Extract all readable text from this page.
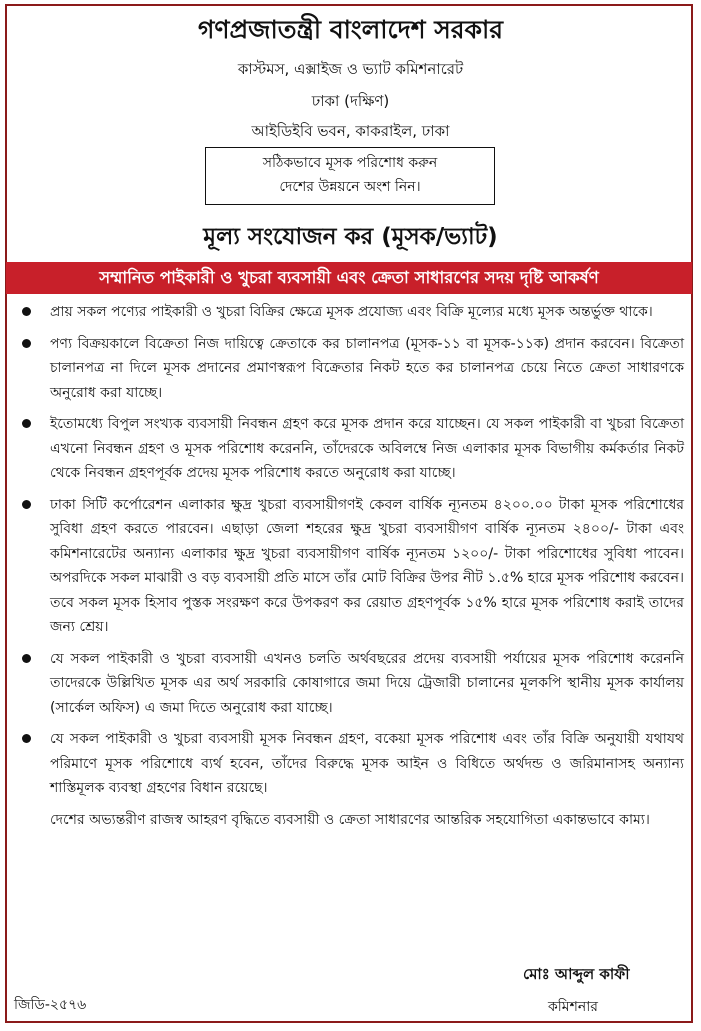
গণপ্রজাতন্ত্রী বাংলাদেশ সরকার
কাস্টমস, এক্সাইজ ও ভ্যাট কমিশনারেট
ঢাকা (দক্ষিণ)
আইডিইবি ভবন, কাকরাইল, ঢাকা
সঠিকভাবে মূসক পরিশোধ করুন
দেশের উন্নয়নে অংশ নিন।
মূল্য সংযোজন কর (মূসক/ভ্যাট)
সম্মানিত পাইকারী ও খুচরা ব্যবসায়ী এবং ক্রেতা সাধারণের সদয় দৃষ্টি আকর্ষণ
প্রায় সকল পণ্যের পাইকারী ও খুচরা বিক্রির ক্ষেত্রে মূসক প্রযোজ্য এবং বিক্রি মূল্যের মধ্যে মূসক অন্তর্ভুক্ত থাকে।
পণ্য বিক্রয়কালে বিক্রেতা নিজ দায়িত্বে ক্রেতাকে কর চালানপত্র (মূসক-১১ বা মূসক-১১ক) প্রদান করবেন। বিক্রেতা চালানপত্র না দিলে মূসক প্রদানের প্রমাণস্বরূপ বিক্রেতার নিকট হতে কর চালানপত্র চেয়ে নিতে ক্রেতা সাধারণকে অনুরোধ করা যাচ্ছে।
ইতোমধ্যে বিপুল সংখ্যক ব্যবসায়ী নিবন্ধন গ্রহণ করে মূসক প্রদান করে যাচ্ছেন। যে সকল পাইকারী বা খুচরা বিক্রেতা এখনো নিবন্ধন গ্রহণ ও মূসক পরিশোধ করেননি, তাঁদেরকে অবিলম্বে নিজ এলাকার মূসক বিভাগীয় কর্মকর্তার নিকট থেকে নিবন্ধন গ্রহণপূর্বক প্রদেয় মূসক পরিশোধ করতে অনুরোধ করা যাচ্ছে।
ঢাকা সিটি কর্পোরেশন এলাকার ক্ষুদ্র খুচরা ব্যবসায়ীগণই কেবল বার্ষিক ন্যূনতম ৪২০০.০০ টাকা মূসক পরিশোধের সুবিধা গ্রহণ করতে পারবেন। এছাড়া জেলা শহরের ক্ষুদ্র খুচরা ব্যবসায়ীগণ বার্ষিক ন্যূনতম ২৪০০/- টাকা এবং কমিশনারেটের অন্যান্য এলাকার ক্ষুদ্র খুচরা ব্যবসায়ীগণ বার্ষিক ন্যূনতম ১২০০/- টাকা পরিশোধের সুবিধা পাবেন। অপরদিকে সকল মাঝারী ও বড় ব্যবসায়ী প্রতি মাসে তাঁর মোট বিক্রির উপর নীট ১.৫% হারে মূসক পরিশোধ করবেন। তবে সকল মূসক হিসাব পুস্তক সংরক্ষণ করে উপকরণ কর রেয়াত গ্রহণপূর্বক ১৫% হারে মূসক পরিশোধ করাই তাদের জন্য শ্রেয়।
যে সকল পাইকারী ও খুচরা ব্যবসায়ী এখনও চলতি অর্থবছরের প্রদেয় ব্যবসায়ী পর্যায়ের মূসক পরিশোধ করেননি তাদেরকে উল্লিখিত মূসক এর অর্থ সরকারি কোষাগারে জমা দিয়ে ট্রেজারী চালানের মূলকপি স্থানীয় মূসক কার্যালয় (সার্কেল অফিস) এ জমা দিতে অনুরোধ করা যাচ্ছে।
যে সকল পাইকারী ও খুচরা ব্যবসায়ী মূসক নিবন্ধন গ্রহণ, বকেয়া মূসক পরিশোধ এবং তাঁর বিক্রি অনুযায়ী যথাযথ পরিমাণে মূসক পরিশোধে ব্যর্থ হবেন, তাঁদের বিরুদ্ধে মূসক আইন ও বিধিতে অর্থদন্ড ও জরিমানাসহ অন্যান্য শাস্তিমূলক ব্যবস্থা গ্রহণের বিধান রয়েছে।
দেশের অভ্যন্তরীণ রাজস্ব আহরণ বৃদ্ধিতে ব্যবসায়ী ও ক্রেতা সাধারণের আন্তরিক সহযোগিতা একান্তভাবে কাম্য।
মোঃ আব্দুল কাফী
কমিশনার
জিডি-২৫৭৬
